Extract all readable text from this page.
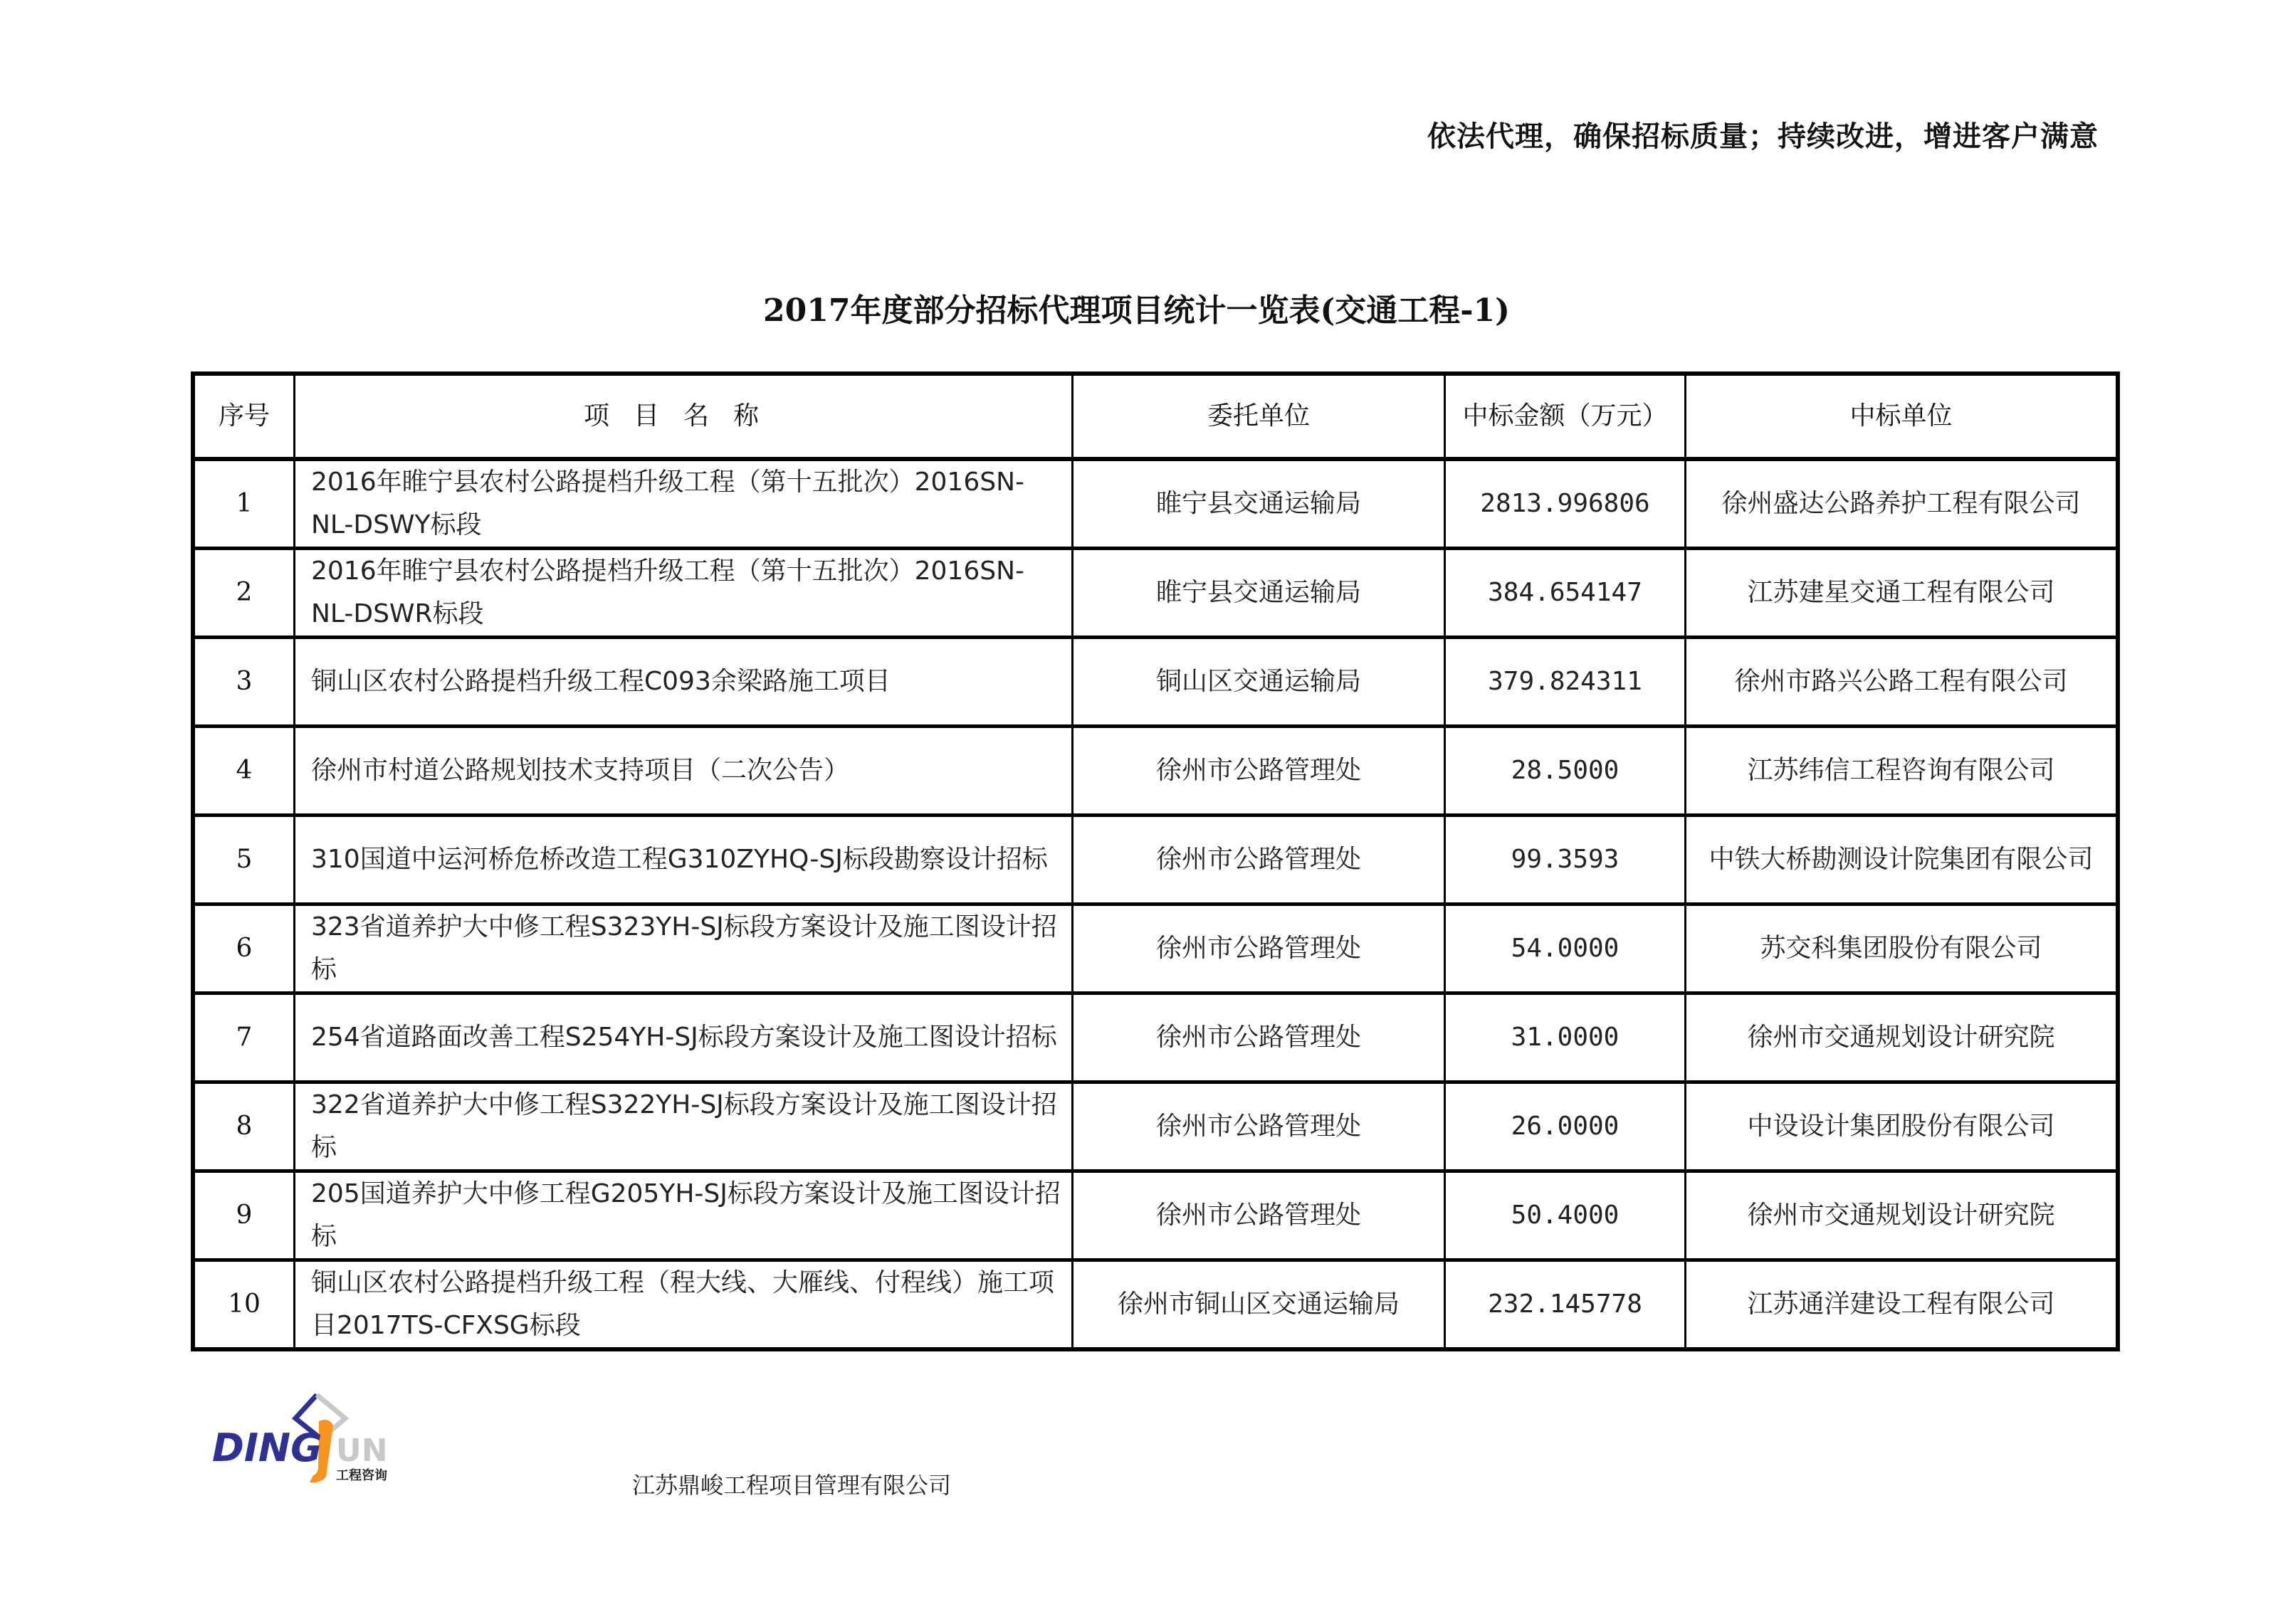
依法代理，确保招标质量；持续改进，增进客户满意
2017年度部分招标代理项目统计一览表(交通工程-1)
序号	项目名称	委托单位	中标金额（万元）	中标单位
1	2016年睢宁县农村公路提档升级工程（第十五批次）2016SN-NL-DSWY标段	睢宁县交通运输局	2813.996806	徐州盛达公路养护工程有限公司
2	2016年睢宁县农村公路提档升级工程（第十五批次）2016SN-NL-DSWR标段	睢宁县交通运输局	384.654147	江苏建星交通工程有限公司
3	铜山区农村公路提档升级工程C093余梁路施工项目	铜山区交通运输局	379.824311	徐州市路兴公路工程有限公司
4	徐州市村道公路规划技术支持项目（二次公告）	徐州市公路管理处	28.5000	江苏纬信工程咨询有限公司
5	310国道中运河桥危桥改造工程G310ZYHQ-SJ标段勘察设计招标	徐州市公路管理处	99.3593	中铁大桥勘测设计院集团有限公司
6	323省道养护大中修工程S323YH-SJ标段方案设计及施工图设计招标	徐州市公路管理处	54.0000	苏交科集团股份有限公司
7	254省道路面改善工程S254YH-SJ标段方案设计及施工图设计招标	徐州市公路管理处	31.0000	徐州市交通规划设计研究院
8	322省道养护大中修工程S322YH-SJ标段方案设计及施工图设计招标	徐州市公路管理处	26.0000	中设设计集团股份有限公司
9	205国道养护大中修工程G205YH-SJ标段方案设计及施工图设计招标	徐州市公路管理处	50.4000	徐州市交通规划设计研究院
10	铜山区农村公路提档升级工程（程大线、大雁线、付程线）施工项目2017TS-CFXSG标段	徐州市铜山区交通运输局	232.145778	江苏通洋建设工程有限公司
DING UN
工程咨询	江苏鼎峻工程项目管理有限公司
